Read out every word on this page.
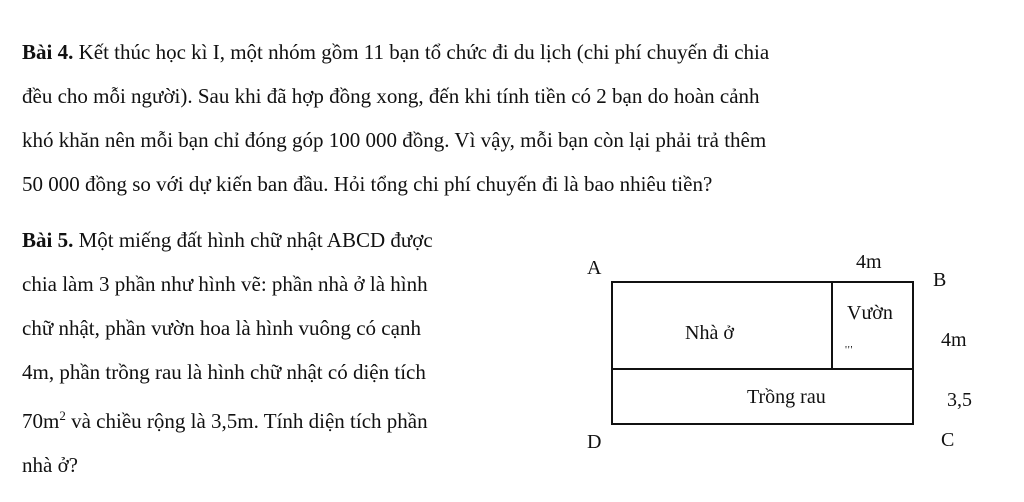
Bài 4. Kết thúc học kì I, một nhóm gồm 11 bạn tổ chức đi du lịch (chi phí chuyến đi chia
đều cho mỗi người). Sau khi đã hợp đồng xong, đến khi tính tiền có 2 bạn do hoàn cảnh
khó khăn nên mỗi bạn chỉ đóng góp 100 000 đồng. Vì vậy, mỗi bạn còn lại phải trả thêm
50 000 đồng so với dự kiến ban đầu. Hỏi tổng chi phí chuyến đi là bao nhiêu tiền?
Bài 5. Một miếng đất hình chữ nhật ABCD được
chia làm 3 phần như hình vẽ: phần nhà ở là hình
chữ nhật, phần vườn hoa là hình vuông có cạnh
4m, phần trồng rau là hình chữ nhật có diện tích
$70m^2$ và chiều rộng là 3,5m. Tính diện tích phần
nhà ở?
A
B
C
D
4m
4m
3,5
Nhà ở
Vườn
' ' '
Trồng rau
